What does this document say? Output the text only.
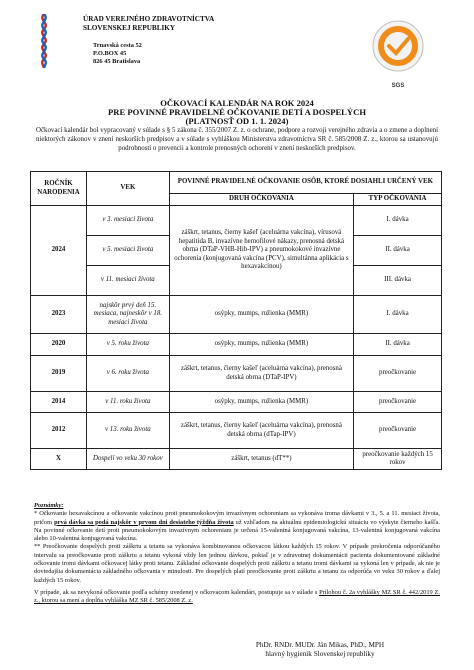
ÚRAD VEREJNÉHO ZDRAVOTNÍCTVA
SLOVENSKEJ REPUBLIKY
Trnavská cesta 52
P.O.BOX 45
826 45 Bratislava
SGS
OČKOVACÍ KALENDÁR NA ROK 2024
PRE POVINNÉ PRAVIDELNÉ OČKOVANIE DETÍ A DOSPELÝCH
(PLATNOSŤ OD 1. 1. 2024)
Očkovací kalendár bol vypracovaný v súlade s § 5 zákona č. 355/2007 Z. z. o ochrane, podpore a rozvoji verejného zdravia a o zmene a doplnení niektorých zákonov v znení neskorších predpisov a v súlade s vyhláškou Ministerstva zdravotníctva SR č. 585/2008 Z. z., ktorou sa ustanovujú podrobnosti o prevencii a kontrole prenosných ochorení v znení neskorších predpisov.
ROČNÍK NARODENIA	VEK	POVINNÉ PRAVIDELNÉ OČKOVANIE OSÔB, KTORÉ DOSIAHLI URČENÝ VEK	
		DRUH OČKOVANIA	TYP OČKOVANIA
2024	v 3. mesiaci života	záškrt, tetanus, čierny kašeľ (aceluárna vakcína), vírusová hepatitída B, invazívne hemofilové nákazy, prenosná detská obrna (DTaP-VHB-Hib-IPV) a pneumokokové invazívne ochorenia (konjugovaná vakcína (PCV), simultánna aplikácia s hexavakcínou)	I. dávka
	v 5. mesiaci života		II. dávka
	v 11. mesiaci života		III. dávka
2023	najskôr prvý deň 15. mesiaca, najneskôr v 18. mesiaci života	osýpky, mumps, ružienka (MMR)	I. dávka
2020	v 5. roku života	osýpky, mumps, ružienka (MMR)	II. dávka
2019	v 6. roku života	záškrt, tetanus, čierny kašeľ (aceluárna vakcína), prenosná detská obrna (DTaP-IPV)	preočkovanie
2014	v 11. roku života	osýpky, mumps, ružienka (MMR)	preočkovanie
2012	v 13. roku života	záškrt, tetanus, čierny kašeľ (aceluárna vakcína), prenosná detská obrna (dTap-IPV)	preočkovanie
X	Dospelí vo veku 30 rokov	záškrt, tetanus (dT**)	preočkovanie každých 15 rokov

Poznámky:

* Očkovanie hexavakcínou a očkovanie vakcínou proti pneumokokovým invazívnym ochoreniam sa vykonáva troma dávkami v 3., 5. a 11. mesiaci života, pričom prvá dávka sa podá najskôr v prvom dni desiateho týždňa života už vzhľadom na aktuálnu epidemiologickú situáciu vo výskyte čierneho kašľa. Na povinné očkovanie detí proti pneumokokovým invazívnym ochoreniam je určená 15-valentná konjugovaná vakcína, 13-valentná konjugovaná vakcína alebo 10-valentná konjugovaná vakcína.

** Preočkovanie dospelých proti záškrtu a tetanu sa vykonáva kombinovanou očkovacou látkou každých 15 rokov. V prípade prekročenia odporúčaného intervalu sa preočkovanie proti záškrtu a tetanu vykoná vždy len jednou dávkou, pokiaľ je v zdravotnej dokumentácii pacienta dokumentované základné očkovanie tromi dávkami očkovacej látky proti tetanu. Základné očkovanie dospelých proti záškrtu a tetanu tromi dávkami sa vykoná len v prípade, ak nie je dovtedajšia dokumentácia základného očkovania v minulosti. Pre dospelých platí preočkovanie proti záškrtu a tetanu za odporúča vo veku 30 rokov a ďalej každých 15 rokov.

V prípade, ak sa nevykoná očkovanie podľa schémy uvedenej v očkovacom kalendári, postupuje sa v súlade s Prílohou č. 2a vyhlášky MZ SR č. 442/2019 Z. z., ktorou sa mení a dopĺňa vyhláška MZ SR č. 585/2008 Z. z.

PhDr. RNDr. MUDr. Ján Mikas, PhD., MPH
hlavný hygienik Slovenskej republiky
